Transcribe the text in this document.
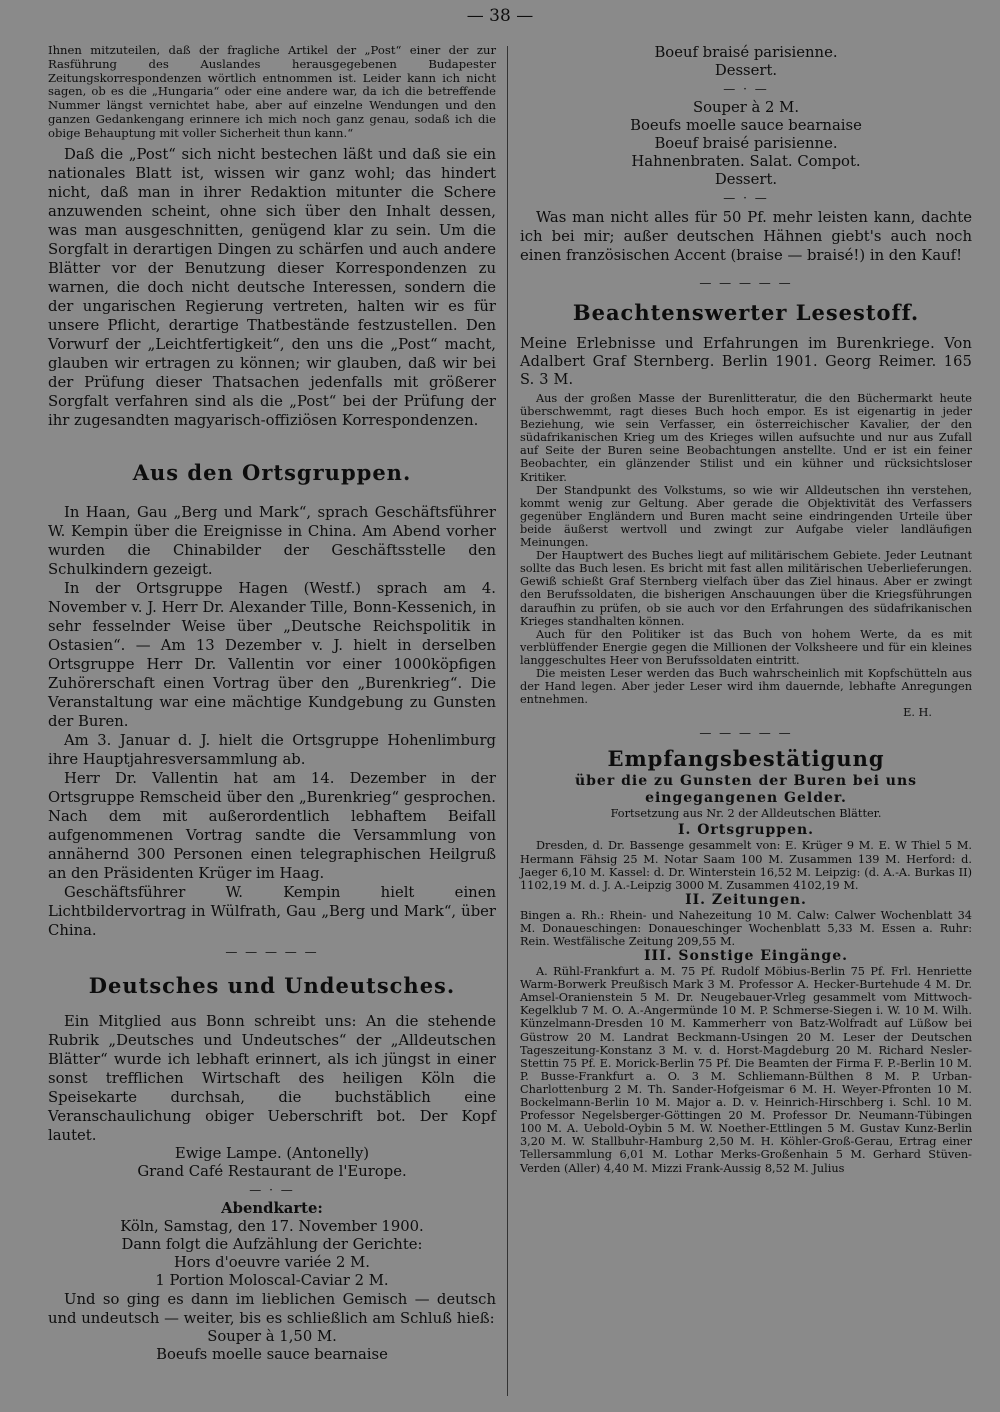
— 38 —

Ihnen mitzuteilen, daß der fragliche Artikel der „Post“ einer der zur Rasführung des Auslandes herausgegebenen Budapester Zeitungskorrespondenzen wörtlich entnommen ist. Leider kann ich nicht sagen, ob es die „Hungaria“ oder eine andere war, da ich die betreffende Nummer längst vernichtet habe, aber auf einzelne Wendungen und den ganzen Gedankengang erinnere ich mich noch ganz genau, sodaß ich die obige Behauptung mit voller Sicherheit thun kann.“

Daß die „Post“ sich nicht bestechen läßt und daß sie ein nationales Blatt ist, wissen wir ganz wohl; das hindert nicht, daß man in ihrer Redaktion mitunter die Schere anzuwenden scheint, ohne sich über den Inhalt dessen, was man ausgeschnitten, genügend klar zu sein. Um die Sorgfalt in derartigen Dingen zu schärfen und auch andere Blätter vor der Benutzung dieser Korrespondenzen zu warnen, die doch nicht deutsche Interessen, sondern die der ungarischen Regierung vertreten, halten wir es für unsere Pflicht, derartige Thatbestände festzustellen. Den Vorwurf der „Leichtfertigkeit“, den uns die „Post“ macht, glauben wir ertragen zu können; wir glauben, daß wir bei der Prüfung dieser Thatsachen jedenfalls mit größerer Sorgfalt verfahren sind als die „Post“ bei der Prüfung der ihr zugesandten magyarisch-offiziösen Korrespondenzen.

Aus den Ortsgruppen.

In Haan, Gau „Berg und Mark“, sprach Geschäftsführer W. Kempin über die Ereignisse in China. Am Abend vorher wurden die Chinabilder der Geschäftsstelle den Schulkindern gezeigt.

In der Ortsgruppe Hagen (Westf.) sprach am 4. November v. J. Herr Dr. Alexander Tille, Bonn-Kessenich, in sehr fesselnder Weise über „Deutsche Reichspolitik in Ostasien“. — Am 13 Dezember v. J. hielt in derselben Ortsgruppe Herr Dr. Vallentin vor einer 1000köpfigen Zuhörerschaft einen Vortrag über den „Burenkrieg“. Die Veranstaltung war eine mächtige Kundgebung zu Gunsten der Buren.

Am 3. Januar d. J. hielt die Ortsgruppe Hohenlimburg ihre Hauptjahresversammlung ab.

Herr Dr. Vallentin hat am 14. Dezember in der Ortsgruppe Remscheid über den „Burenkrieg“ gesprochen. Nach dem mit außerordentlich lebhaftem Beifall aufgenommenen Vortrag sandte die Versammlung von annähernd 300 Personen einen telegraphischen Heilgruß an den Präsidenten Krüger im Haag.

Geschäftsführer W. Kempin hielt einen Lichtbildervortrag in Wülfrath, Gau „Berg und Mark“, über China.

— — — — —
Deutsches und Undeutsches.

Ein Mitglied aus Bonn schreibt uns: An die stehende Rubrik „Deutsches und Undeutsches“ der „Alldeutschen Blätter“ wurde ich lebhaft erinnert, als ich jüngst in einer sonst trefflichen Wirtschaft des heiligen Köln die Speisekarte durchsah, die buchstäblich eine Veranschaulichung obiger Ueberschrift bot. Der Kopf lautet.

Ewige Lampe. (Antonelly)
Grand Café Restaurant de l'Europe.
— · —
Abendkarte:
Köln, Samstag, den 17. November 1900.
Dann folgt die Aufzählung der Gerichte:
Hors d'oeuvre variée 2 M.
1 Portion Moloscal-Caviar 2 M.

Und so ging es dann im lieblichen Gemisch — deutsch und undeutsch — weiter, bis es schließlich am Schluß hieß:

Souper à 1,50 M.
Boeufs moelle sauce bearnaise
Boeuf braisé parisienne.
Dessert.
— · —
Souper à 2 M.
Boeufs moelle sauce bearnaise
Boeuf braisé parisienne.
Hahnenbraten. Salat. Compot.
Dessert.
— · —

Was man nicht alles für 50 Pf. mehr leisten kann, dachte ich bei mir; außer deutschen Hähnen giebt's auch noch einen französischen Accent (braise — braisé!) in den Kauf!

— — — — —
Beachtenswerter Lesestoff.

Meine Erlebnisse und Erfahrungen im Burenkriege. Von Adalbert Graf Sternberg. Berlin 1901. Georg Reimer. 165 S. 3 M.

Aus der großen Masse der Burenlitteratur, die den Büchermarkt heute überschwemmt, ragt dieses Buch hoch empor. Es ist eigenartig in jeder Beziehung, wie sein Verfasser, ein österreichischer Kavalier, der den südafrikanischen Krieg um des Krieges willen aufsuchte und nur aus Zufall auf Seite der Buren seine Beobachtungen anstellte. Und er ist ein feiner Beobachter, ein glänzender Stilist und ein kühner und rücksichtsloser Kritiker.

Der Standpunkt des Volkstums, so wie wir Alldeutschen ihn verstehen, kommt wenig zur Geltung. Aber gerade die Objektivität des Verfassers gegenüber Engländern und Buren macht seine eindringenden Urteile über beide äußerst wertvoll und zwingt zur Aufgabe vieler landläufigen Meinungen.

Der Hauptwert des Buches liegt auf militärischem Gebiete. Jeder Leutnant sollte das Buch lesen. Es bricht mit fast allen militärischen Ueberlieferungen. Gewiß schießt Graf Sternberg vielfach über das Ziel hinaus. Aber er zwingt den Berufssoldaten, die bisherigen Anschauungen über die Kriegsführungen daraufhin zu prüfen, ob sie auch vor den Erfahrungen des südafrikanischen Krieges standhalten können.

Auch für den Politiker ist das Buch von hohem Werte, da es mit verblüffender Energie gegen die Millionen der Volksheere und für ein kleines langgeschultes Heer von Berufssoldaten eintritt.

Die meisten Leser werden das Buch wahrscheinlich mit Kopfschütteln aus der Hand legen. Aber jeder Leser wird ihm dauernde, lebhafte Anregungen entnehmen.

E. H.
— — — — —
Empfangsbestätigung
über die zu Gunsten der Buren bei uns
eingegangenen Gelder.
Fortsetzung aus Nr. 2 der Alldeutschen Blätter.
I. Ortsgruppen.

Dresden, d. Dr. Bassenge gesammelt von: E. Krüger 9 M. E. W Thiel 5 M. Hermann Fähsig 25 M. Notar Saam 100 M. Zusammen 139 M. Herford: d. Jaeger 6,10 M. Kassel: d. Dr. Winterstein 16,52 M. Leipzig: (d. A.-A. Burkas II) 1102,19 M. d. J. A.-Leipzig 3000 M. Zusammen 4102,19 M.

II. Zeitungen.

Bingen a. Rh.: Rhein- und Nahezeitung 10 M. Calw: Calwer Wochenblatt 34 M. Donaueschingen: Donaueschinger Wochenblatt 5,33 M. Essen a. Ruhr: Rein. Westfälische Zeitung 209,55 M.

III. Sonstige Eingänge.

A. Rühl-Frankfurt a. M. 75 Pf. Rudolf Möbius-Berlin 75 Pf. Frl. Henriette Warm-Borwerk Preußisch Mark 3 M. Professor A. Hecker-Burtehude 4 M. Dr. Amsel-Oranienstein 5 M. Dr. Neugebauer-Vrleg gesammelt vom Mittwoch-Kegelklub 7 M. O. A.-Angermünde 10 M. P. Schmerse-Siegen i. W. 10 M. Wilh. Künzelmann-Dresden 10 M. Kammerherr von Batz-Wolfradt auf Lüßow bei Güstrow 20 M. Landrat Beckmann-Usingen 20 M. Leser der Deutschen Tageszeitung-Konstanz 3 M. v. d. Horst-Magdeburg 20 M. Richard Nesler-Stettin 75 Pf. E. Morick-Berlin 75 Pf. Die Beamten der Firma F. P.-Berlin 10 M. P. Busse-Frankfurt a. O. 3 M. Schliemann-Bülthen 8 M. P. Urban-Charlottenburg 2 M. Th. Sander-Hofgeismar 6 M. H. Weyer-Pfronten 10 M. Bockelmann-Berlin 10 M. Major a. D. v. Heinrich-Hirschberg i. Schl. 10 M. Professor Negelsberger-Göttingen 20 M. Professor Dr. Neumann-Tübingen 100 M. A. Uebold-Oybin 5 M. W. Noether-Ettlingen 5 M. Gustav Kunz-Berlin 3,20 M. W. Stallbuhr-Hamburg 2,50 M. H. Köhler-Groß-Gerau, Ertrag einer Tellersammlung 6,01 M. Lothar Merks-Großenhain 5 M. Gerhard Stüven-Verden (Aller) 4,40 M. Mizzi Frank-Aussig 8,52 M. Julius
